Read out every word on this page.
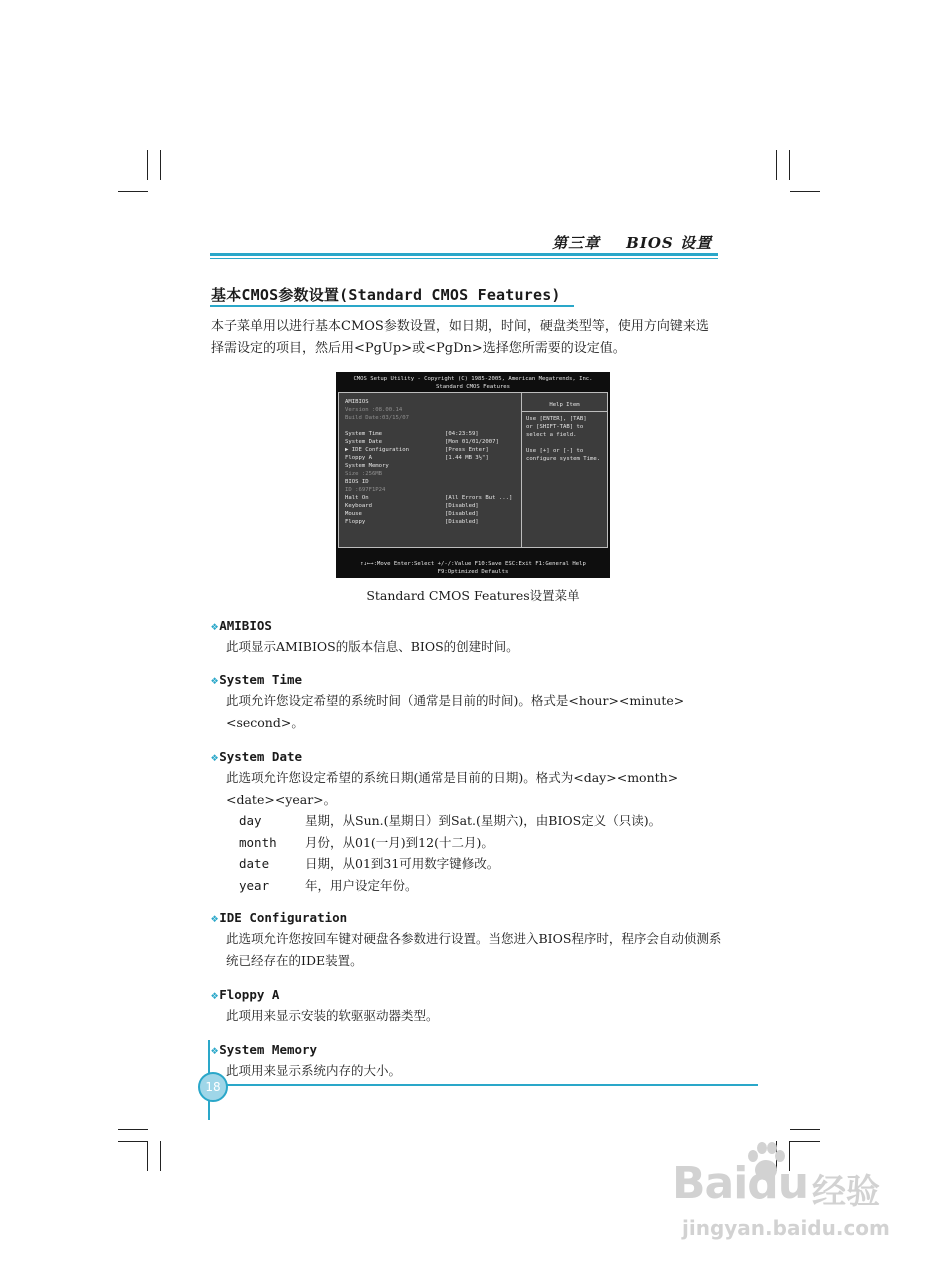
第三章 BIOS 设置
基本CMOS参数设置(Standard CMOS Features)
本子菜单用以进行基本CMOS参数设置，如日期，时间，硬盘类型等，使用方向键来选择需设定的项目，然后用<PgUp>或<PgDn>选择您所需要的设定值。
CMOS Setup Utility - Copyright (C) 1985-2005, American Megatrends, Inc.
Standard CMOS Features
AMIBIOS
Version :08.00.14
Build Date:03/15/07
System Time	[04:23:59]
System Date	[Mon 01/01/2007]
▶ IDE Configuration	[Press Enter]
Floppy A	[1.44 MB 3½"]
System Memory
Size :256MB
BIOS ID
ID :697F1P24
Halt On	[All Errors But ...]
Keyboard	[Disabled]
Mouse	[Disabled]
Floppy	[Disabled]
Help Item
Use [ENTER], [TAB]
or [SHIFT-TAB] to
select a field.
Use [+] or [-] to
configure system Time.
↑↓←→:Move Enter:Select +/-/:Value F10:Save ESC:Exit F1:General Help
F9:Optimized Defaults
Standard CMOS Features设置菜单
❖AMIBIOS
此项显示AMIBIOS的版本信息、BIOS的创建时间。
❖System Time
此项允许您设定希望的系统时间（通常是目前的时间)。格式是<hour><minute><second>。
❖System Date
此选项允许您设定希望的系统日期(通常是目前的日期)。格式为<day><month><date><year>。
day	星期，从Sun.(星期日）到Sat.(星期六)，由BIOS定义（只读)。
month 月份，从01(一月)到12(十二月)。
date	日期，从01到31可用数字键修改。
year	年，用户设定年份。
❖IDE Configuration
此选项允许您按回车键对硬盘各参数进行设置。当您进入BIOS程序时，程序会自动侦测系统已经存在的IDE装置。
❖Floppy A
此项用来显示安装的软驱驱动器类型。
❖System Memory
此项用来显示系统内存的大小。
18
Baidu 经验
jingyan.baidu.com
